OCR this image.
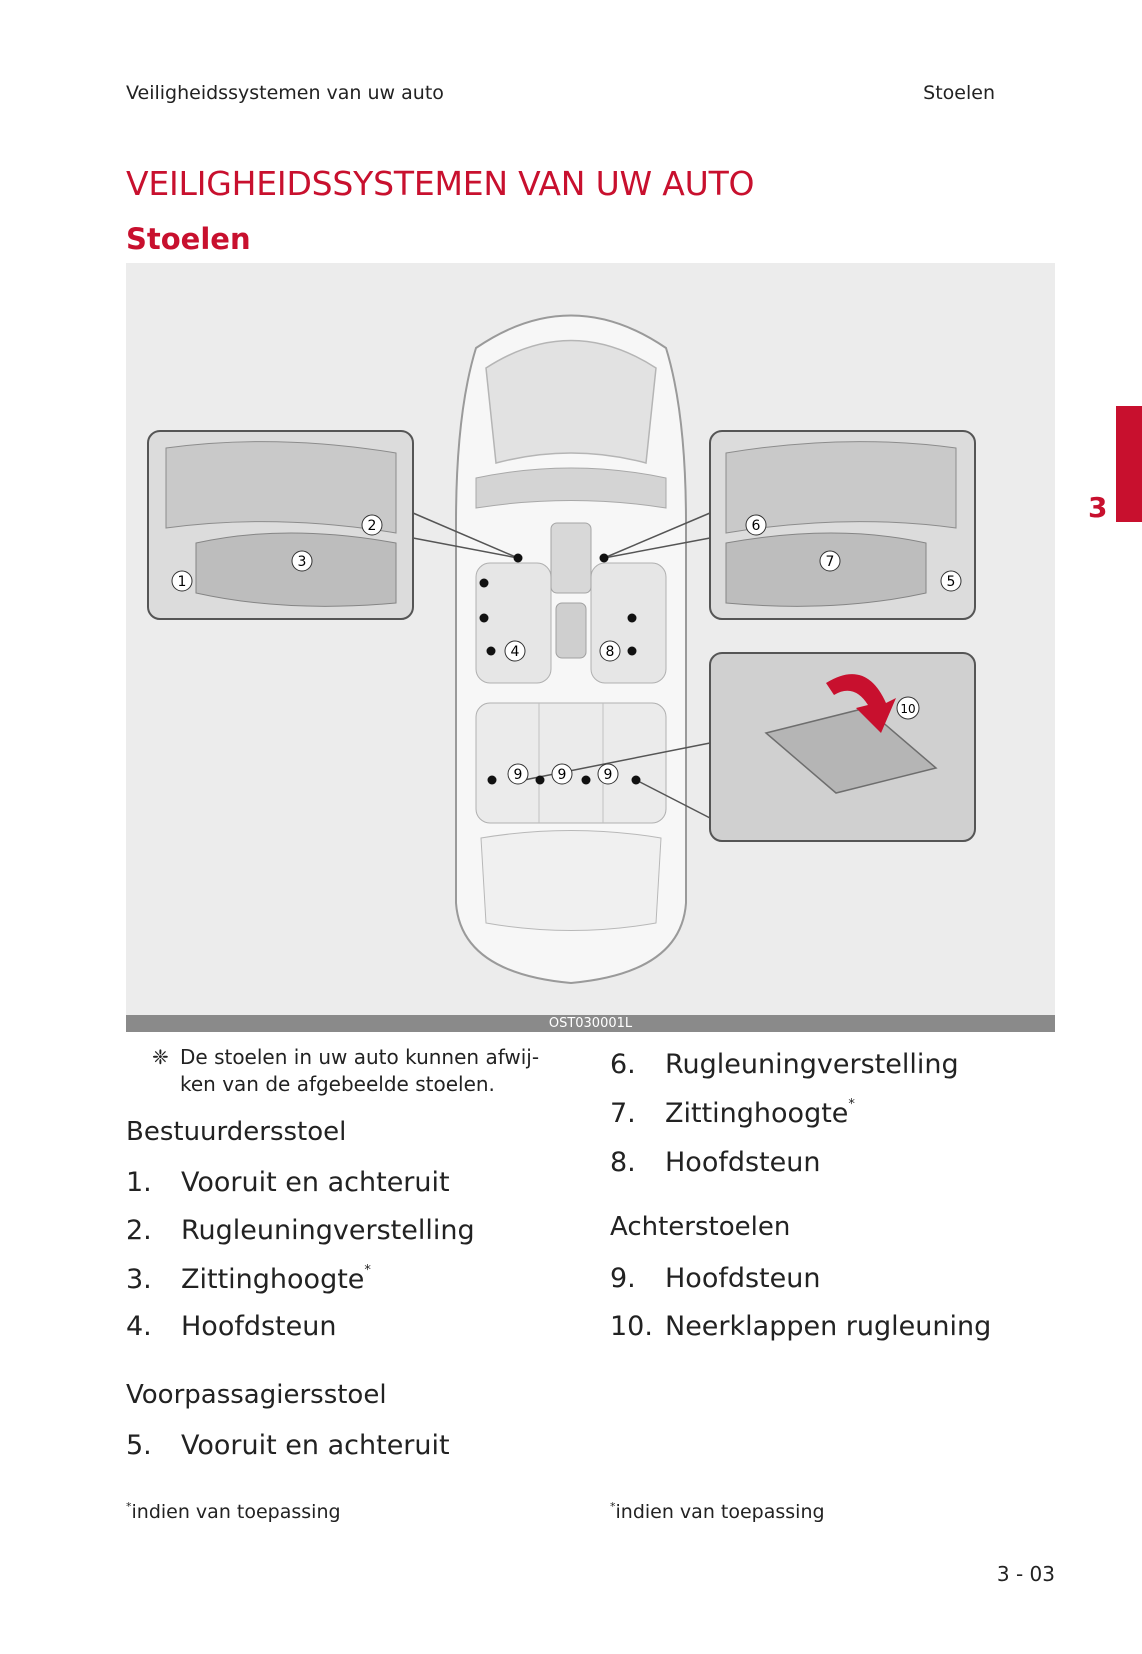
Veiligheidssystemen van uw auto	Stoelen
VEILIGHEIDSSYSTEMEN VAN UW AUTO
Stoelen
3
1
2
3
4
5
6
7
8
9	9	9
10
OST030001L
❈ De stoelen in uw auto kunnen afwij-
ken van de afgebeelde stoelen.
Bestuurdersstoel
1. Vooruit en achteruit
2. Rugleuningverstelling
3. Zittinghoogte*
4. Hoofdsteun
Voorpassagiersstoel
5. Vooruit en achteruit
*indien van toepassing
6. Rugleuningverstelling
7. Zittinghoogte*
8. Hoofdsteun
Achterstoelen
9. Hoofdsteun
10. Neerklappen rugleuning
*indien van toepassing
3 - 03
